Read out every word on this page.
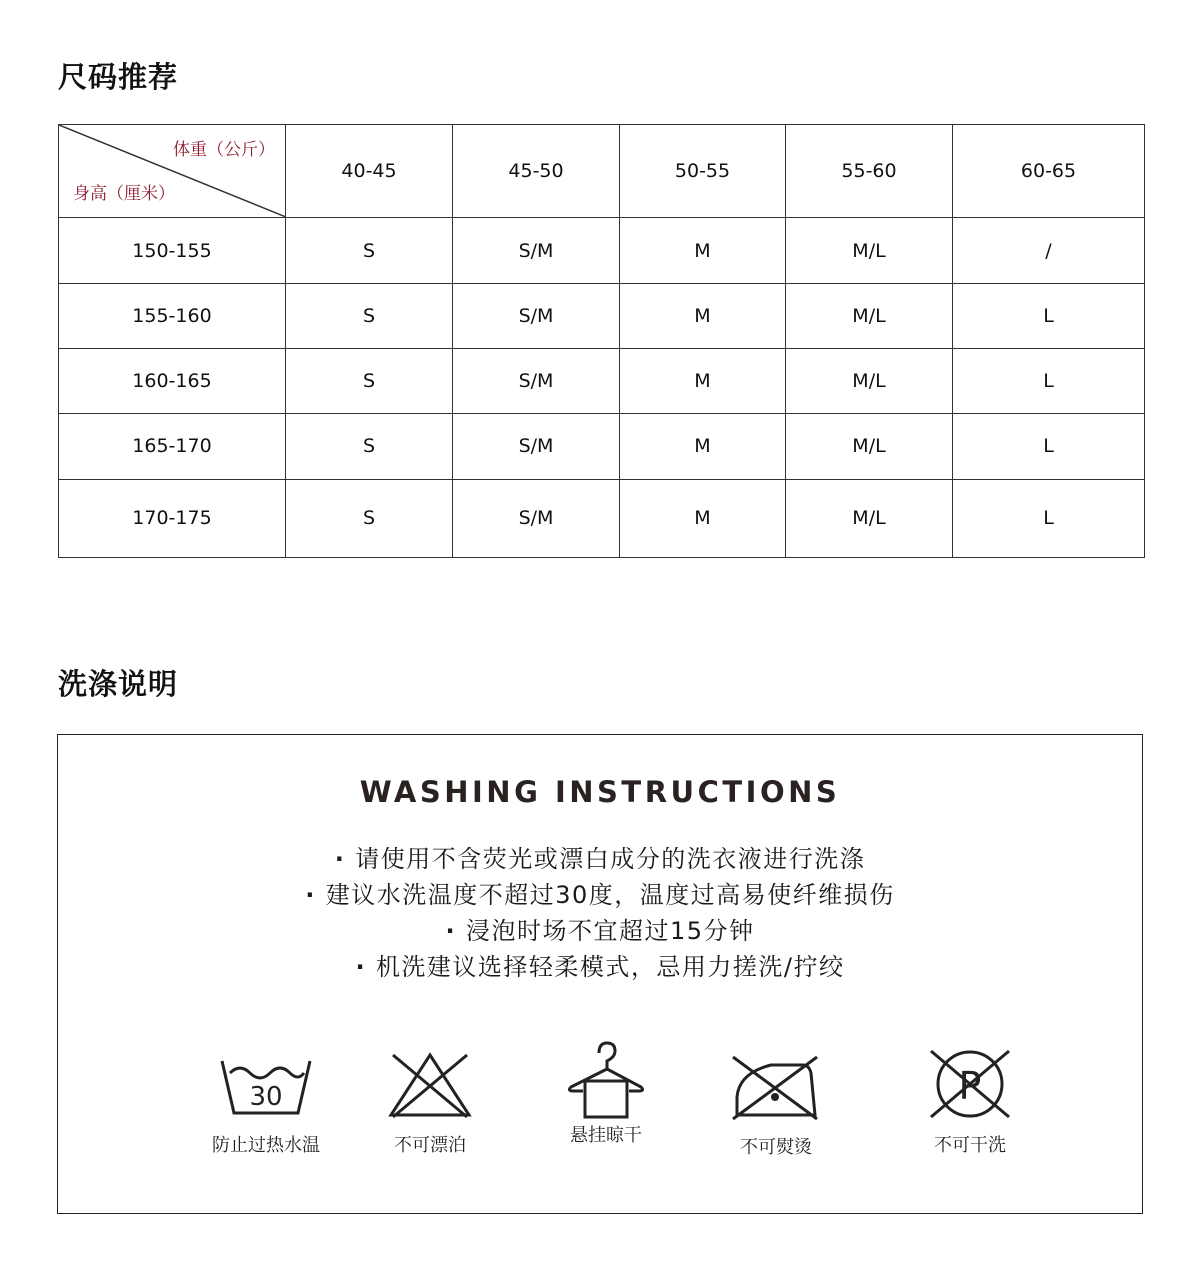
尺码推荐
体重（公斤）
身高（厘米）	40-45	45-50	50-55	55-60	60-65
150-155	S	S/M	M	M/L	/
155-160	S	S/M	M	M/L	L
160-165	S	S/M	M	M/L	L
165-170	S	S/M	M	M/L	L
170-175	S	S/M	M	M/L	L
洗涤说明
WASHING INSTRUCTIONS
· 请使用不含荧光或漂白成分的洗衣液进行洗涤
· 建议水洗温度不超过30度，温度过高易使纤维损伤
· 浸泡时场不宜超过15分钟
· 机洗建议选择轻柔模式，忌用力搓洗/拧绞
30
防止过热水温	不可漂泊	悬挂晾干
不可熨烫
P
不可干洗
